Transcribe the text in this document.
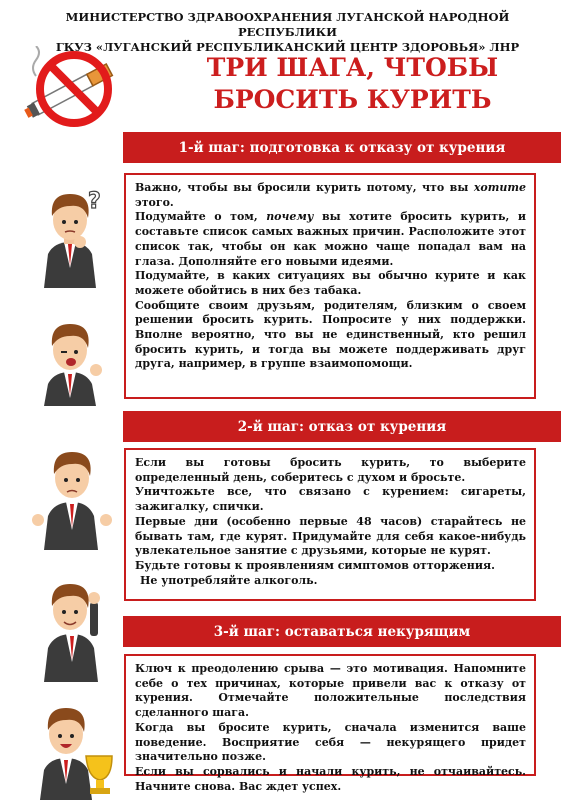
МИНИСТЕРСТВО ЗДРАВООХРАНЕНИЯ ЛУГАНСКОЙ НАРОДНОЙ РЕСПУБЛИКИ
ГКУЗ «ЛУГАНСКИЙ РЕСПУБЛИКАНСКИЙ ЦЕНТР ЗДОРОВЬЯ» ЛНР
ТРИ ШАГА, ЧТОБЫ
БРОСИТЬ КУРИТЬ
?
1-й шаг: подготовка к отказу от курения

Важно, чтобы вы бросили курить потому, что вы хотите этого.

Подумайте о том, почему вы хотите бросить курить, и составьте список самых важных причин. Расположите этот список так, чтобы он как можно чаще попадал вам на глаза. Дополняйте его новыми идеями.

Подумайте, в каких ситуациях вы обычно курите и как можете обойтись в них без табака.

Сообщите своим друзьям, родителям, близким о своем решении бросить курить. Попросите у них поддержки. Вполне вероятно, что вы не единственный, кто решил бросить курить, и тогда вы можете поддерживать друг друга, например, в группе взаимопомощи.

2-й шаг: отказ от курения

Если вы готовы бросить курить, то выберите определенный день, соберитесь с духом и бросьте.

Уничтожьте все, что связано с курением: сигареты, зажигалку, спички.

Первые дни (особенно первые 48 часов) старайтесь не бывать там, где курят. Придумайте для себя какое-нибудь увлекательное занятие с друзьями, которые не курят.

Будьте готовы к проявлениям симптомов отторжения.

Не употребляйте алкоголь.

3-й шаг: оставаться некурящим

Ключ к преодолению срыва — это мотивация. Напомните себе о тех причинах, которые привели вас к отказу от курения. Отмечайте положительные последствия сделанного шага.

Когда вы бросите курить, сначала изменится ваше поведение. Восприятие себя — некурящего придет значительно позже.

Если вы сорвались и начали курить, не отчаивайтесь. Начните снова. Вас ждет успех.
